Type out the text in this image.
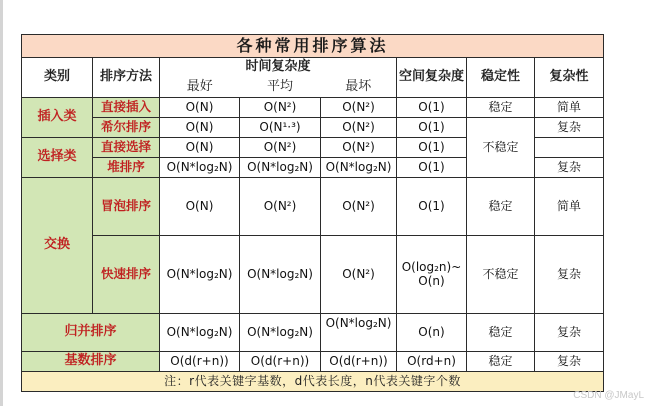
各种常用排序算法							
类别	排序方法	时间复杂度			空间复杂度	稳定性	复杂性
		最好	平均	最坏			
插入类	直接插入	O(N)	O(N²)	O(N²)	O(1)	稳定	简单
	希尔排序	O(N)	O(N¹·³)	O(N²)	O(1)	不稳定	复杂
选择类	直接选择	O(N)	O(N²)	O(N²)	O(1)		
	堆排序	O(N*log₂N)	O(N*log₂N)	O(N*log₂N)	O(1)		复杂
交换	冒泡排序	O(N)	O(N²)	O(N²)	O(1)	稳定	简单
	快速排序	O(N*log₂N)	O(N*log₂N)	O(N²)	O(log₂n)~O(n)	不稳定	复杂
归并排序		O(N*log₂N)	O(N*log₂N)	O(N*log₂N)	O(n)	稳定	复杂
基数排序		O(d(r+n))	O(d(r+n))	O(d(r+n))	O(rd+n)	稳定	复杂
注：r代表关键字基数，d代表长度，n代表关键字个数							
CSDN @JMayL
